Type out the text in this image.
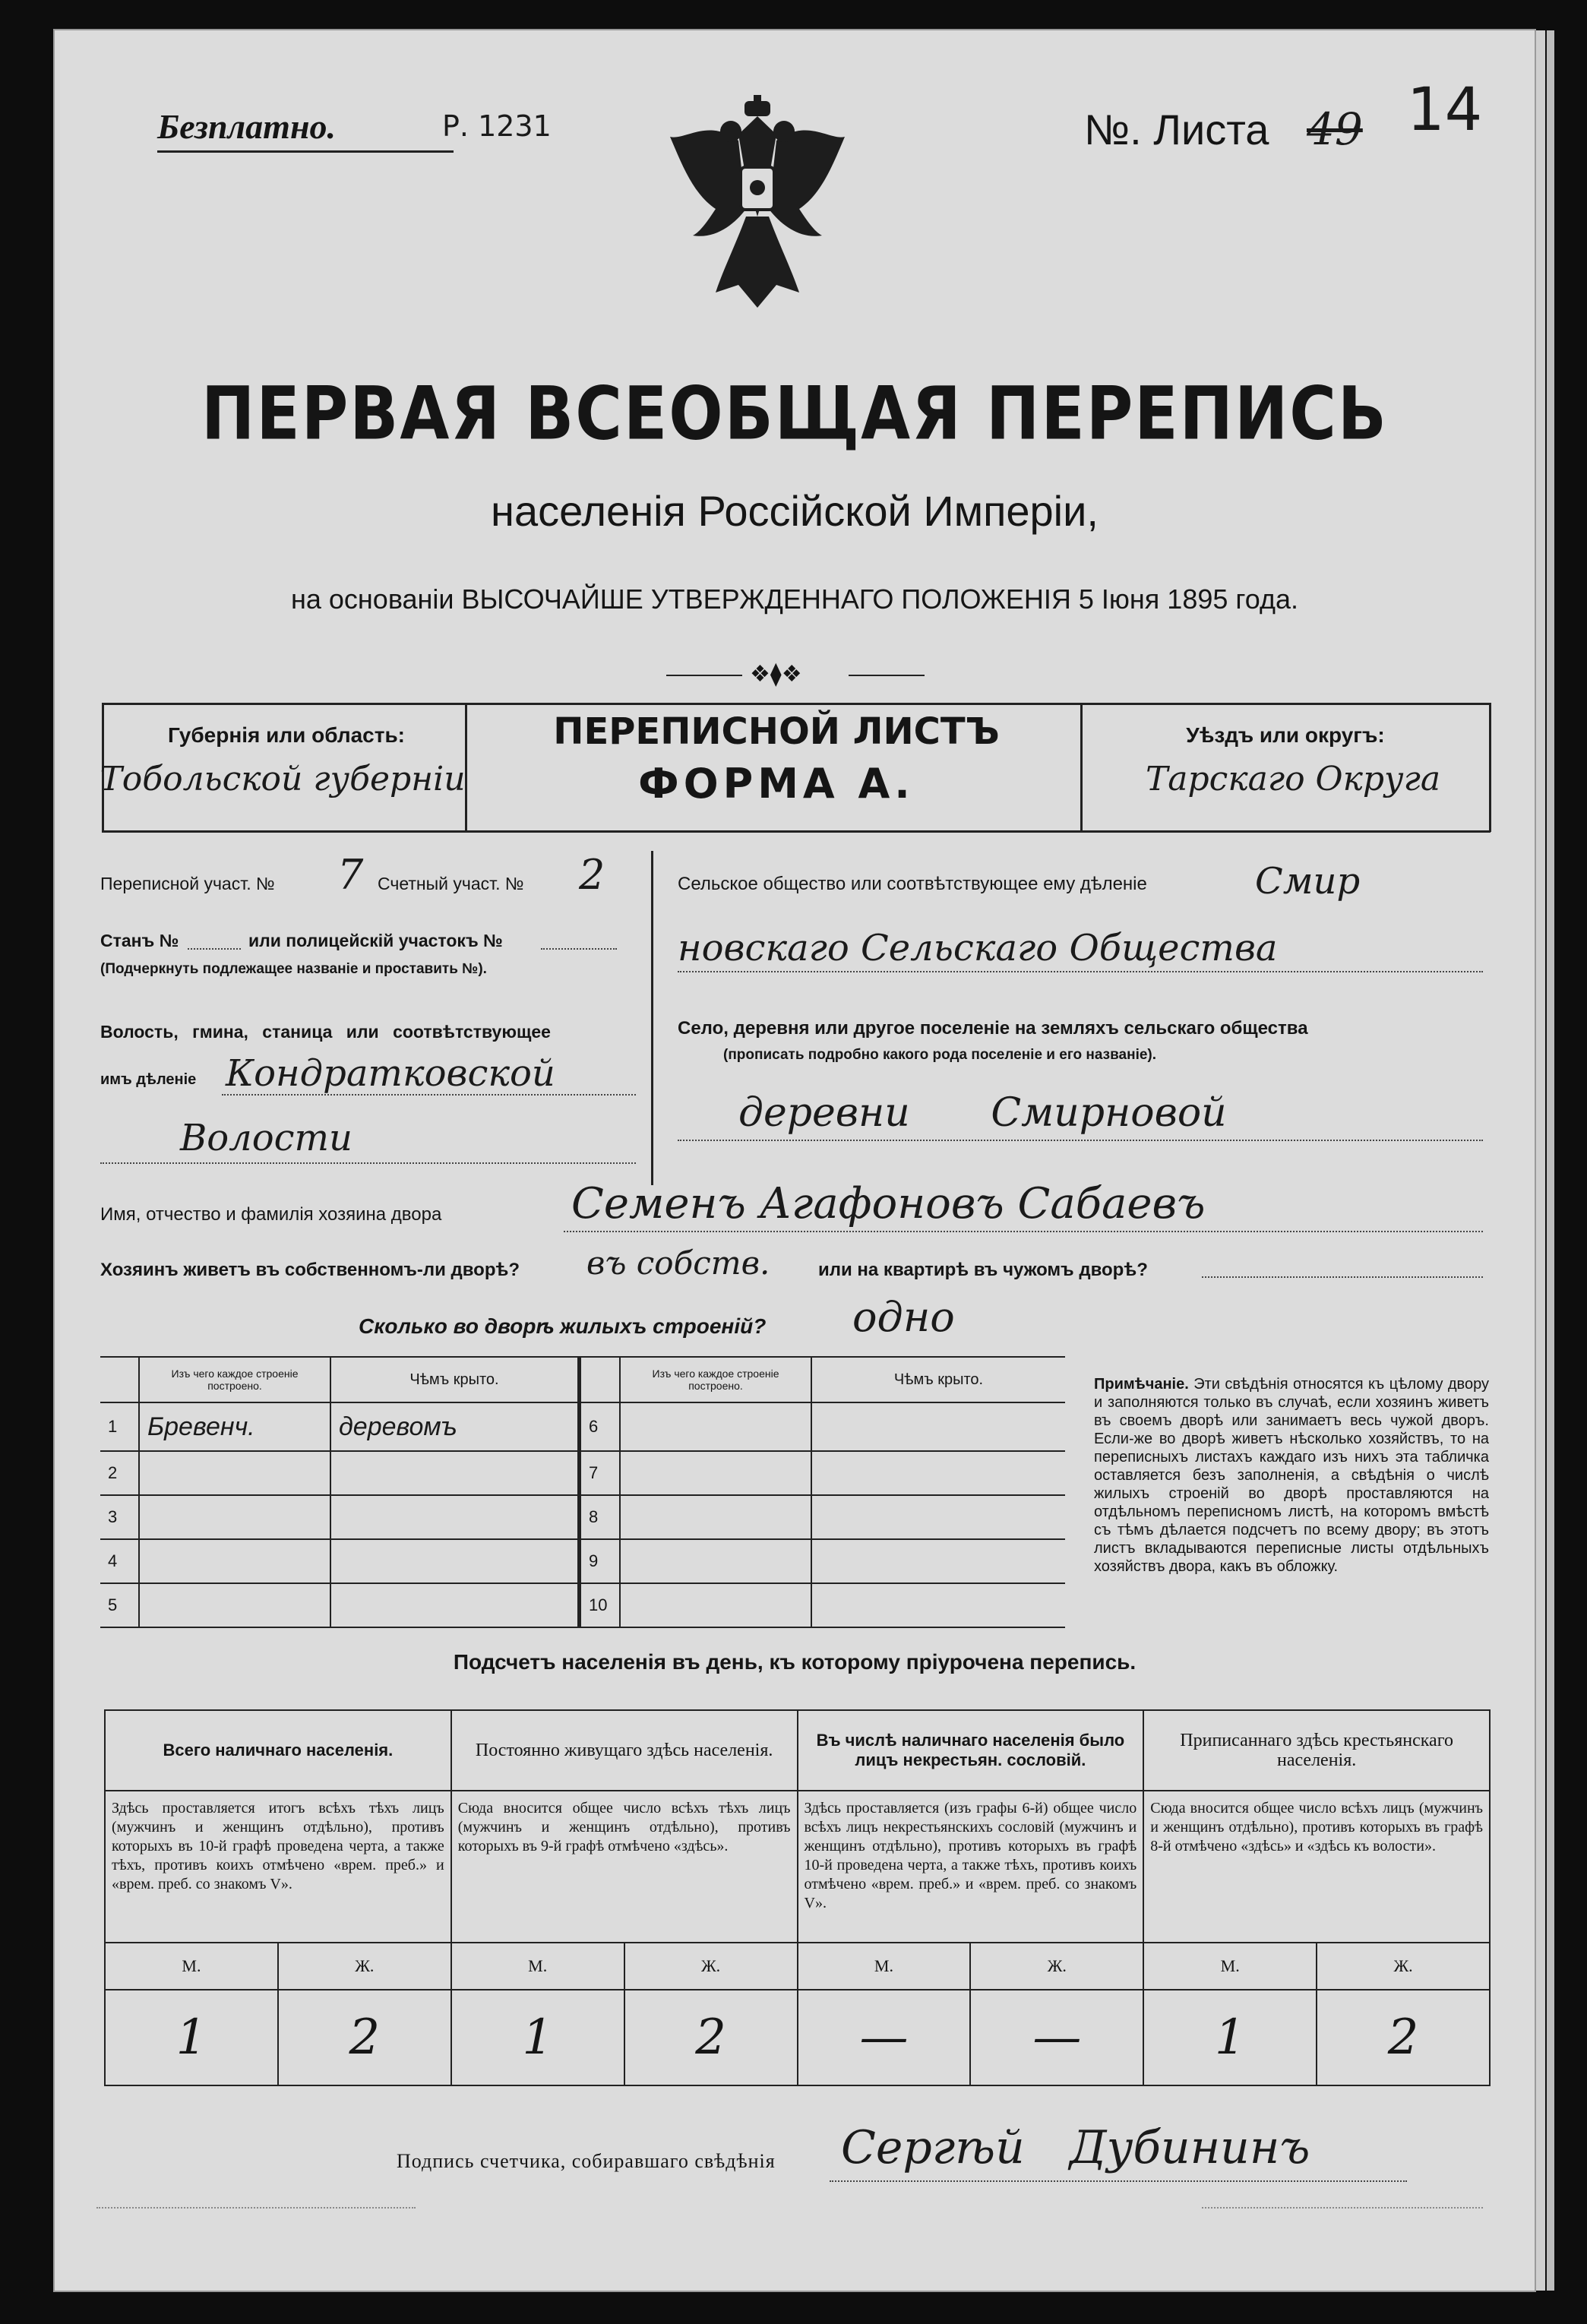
Безплатно.	Р. 1231	№. Листа 49 14
ПЕРВАЯ ВСЕОБЩАЯ ПЕРЕПИСЬ
населенія Россійской Имперіи,
на основаніи ВЫСОЧАЙШЕ УТВЕРЖДЕННАГО ПОЛОЖЕНІЯ 5 Іюня 1895 года.
❖⧫❖
Губернія или область:
Тобольской губерніи
ПЕРЕПИСНОЙ ЛИСТЪ
ФОРМА А.
Уѣздъ или округъ:
Тарскаго Округа
Переписной участ. № 7 Счетный участ. № 2
Станъ №	или полицейскій участокъ №
(Подчеркнуть подлежащее названіе и проставить №).
Волость, гмина, станица или соотвѣтствующее
имъ дѣленіе Кондратковской
Волости
Сельское общество или соотвѣтствующее ему дѣленіе	Смир
новскаго Сельскаго Общества
Село, деревня или другое поселеніе на земляхъ сельскаго общества
(прописать подробно какого рода поселеніе и его названіе).
деревни Смирновой
Имя, отчество и фамилія хозяина двора	Семенъ Агафоновъ Сабаевъ
Хозяинъ живетъ въ собственномъ-ли дворѣ? въ собств.	или на квартирѣ въ чужомъ дворѣ?
Сколько во дворѣ жилыхъ строеній? одно
	Изъ чего каждое строеніе построено.	Чѣмъ крыто.
1	Бревенч.	деревомъ
2		
3		
4		
5		
	Изъ чего каждое строеніе построено.	Чѣмъ крыто.
6		
7		
8		
9		
10		
Примѣчаніе. Эти свѣдѣнія относятся къ цѣлому двору и заполняются только въ случаѣ, если хозяинъ живетъ въ своемъ дворѣ или занимаетъ весь чужой дворъ. Если-же во дворѣ живетъ нѣсколько хозяйствъ, то на переписныхъ листахъ каждаго изъ нихъ эта табличка оставляется безъ заполненія, а свѣдѣнія о числѣ жилыхъ строеній во дворѣ проставляются на отдѣльномъ переписномъ листѣ, на которомъ вмѣстѣ съ тѣмъ дѣлается подсчетъ по всему двору; въ этотъ листъ вкладываются переписные листы отдѣльныхъ хозяйствъ двора, какъ въ обложку.
Подсчетъ населенія въ день, къ которому пріурочена перепись.
Всего наличнаго населенія.		Постоянно живущаго здѣсь населенія.		Въ числѣ наличнаго населенія было лицъ некрестьян. сословій.		Приписаннаго здѣсь крестьянскаго населенія.	
Здѣсь проставляется итогъ всѣхъ тѣхъ лицъ (мужчинъ и женщинъ отдѣльно), противъ которыхъ въ 10-й графѣ проведена черта, а также тѣхъ, противъ коихъ отмѣчено «врем. преб.» и «врем. преб. со знакомъ V».		Сюда вносится общее число всѣхъ тѣхъ лицъ (мужчинъ и женщинъ отдѣльно), противъ которыхъ въ 9-й графѣ отмѣчено «здѣсь».		Здѣсь проставляется (изъ графы 6-й) общее число всѣхъ лицъ некрестьянскихъ сословій (мужчинъ и женщинъ отдѣльно), противъ которыхъ въ графѣ 10-й проведена черта, а также тѣхъ, противъ коихъ отмѣчено «врем. преб.» и «врем. преб. со знакомъ V».		Сюда вносится общее число всѣхъ лицъ (мужчинъ и женщинъ отдѣльно), противъ которыхъ въ графѣ 8-й отмѣчено «здѣсь» и «здѣсь къ волости».	
М.	Ж.	М.	Ж.	М.	Ж.	М.	Ж.
1	2	1	2	—	—	1	2
Подпись счетчика, собиравшаго свѣдѣнія Сергѣй Дубининъ
